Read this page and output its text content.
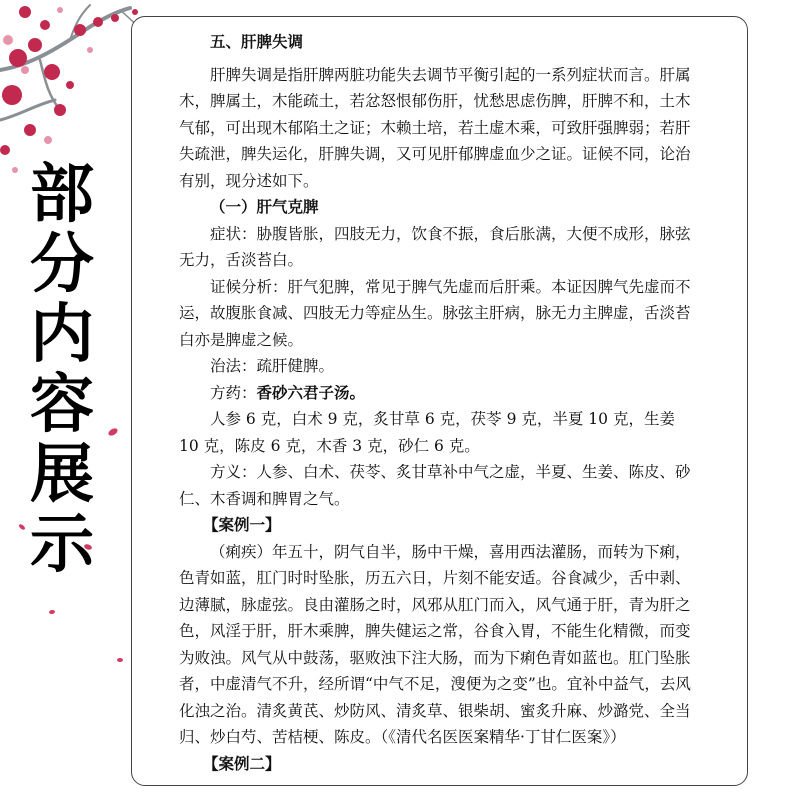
部
分
内
容
展
示

五、肝脾失调

肝脾失调是指肝脾两脏功能失去调节平衡引起的一系列症状而言。肝属木，脾属土，木能疏土，若忿怒恨郁伤肝，忧愁思虑伤脾，肝脾不和，土木气郁，可出现木郁陷土之证；木赖土培，若土虚木乘，可致肝强脾弱；若肝失疏泄，脾失运化，肝脾失调，又可见肝郁脾虚血少之证。证候不同，论治有别，现分述如下。

（一）肝气克脾

症状：胁腹皆胀，四肢无力，饮食不振，食后胀满，大便不成形，脉弦无力，舌淡苔白。

证候分析：肝气犯脾，常见于脾气先虚而后肝乘。本证因脾气先虚而不运，故腹胀食减、四肢无力等症丛生。脉弦主肝病，脉无力主脾虚，舌淡苔白亦是脾虚之候。

治法：疏肝健脾。

方药：香砂六君子汤。

人参 6 克，白术 9 克，炙甘草 6 克，茯苓 9 克，半夏 10 克，生姜 10 克，陈皮 6 克，木香 3 克，砂仁 6 克。

方义：人参、白术、茯苓、炙甘草补中气之虚，半夏、生姜、陈皮、砂仁、木香调和脾胃之气。

【案例一】

（痢疾）年五十，阴气自半，肠中干燥，喜用西法灌肠，而转为下痢，色青如蓝，肛门时时坠胀，历五六日，片刻不能安适。谷食减少，舌中剥、边薄腻，脉虚弦。良由灌肠之时，风邪从肛门而入，风气通于肝，青为肝之色，风淫于肝，肝木乘脾，脾失健运之常，谷食入胃，不能生化精微，而变为败浊。风气从中鼓荡，驱败浊下注大肠，而为下痢色青如蓝也。肛门坠胀者，中虚清气不升，经所谓“中气不足，溲便为之变”也。宜补中益气，去风化浊之治。清炙黄芪、炒防风、清炙草、银柴胡、蜜炙升麻、炒潞党、全当归、炒白芍、苦桔梗、陈皮。（《清代名医医案精华·丁甘仁医案》）

【案例二】
